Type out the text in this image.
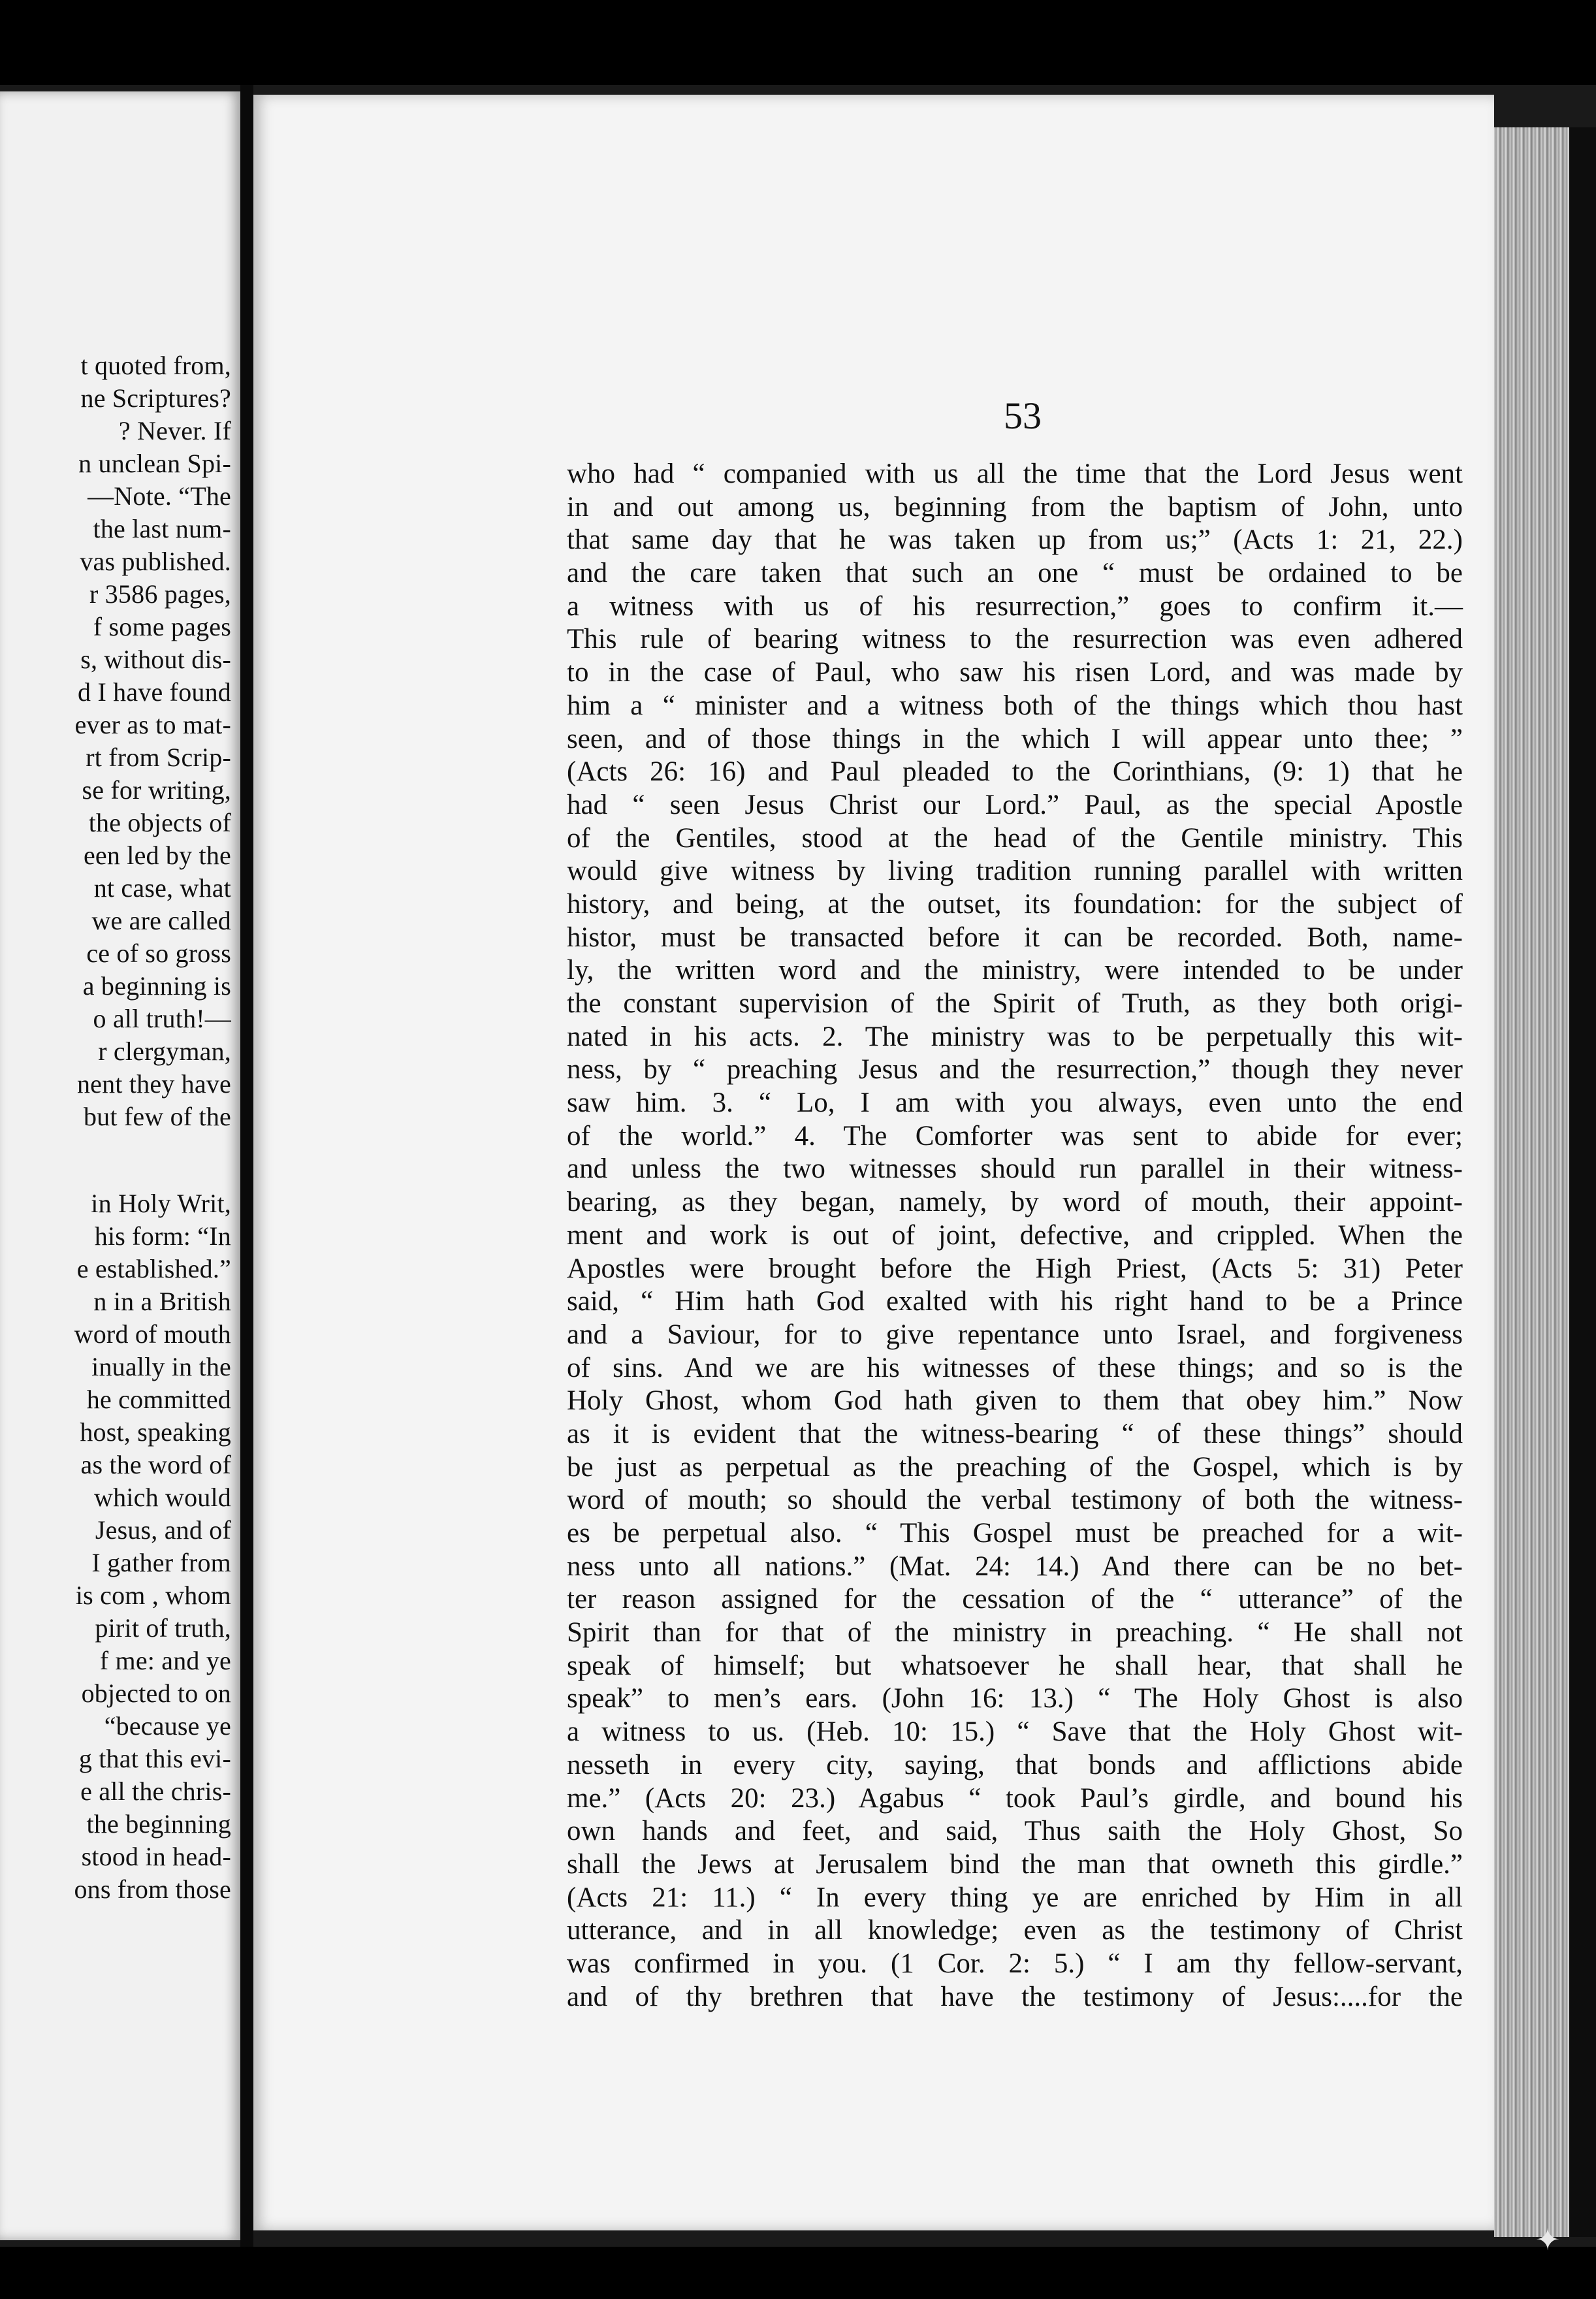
t quoted from,
ne Scriptures?
? Never. If
n unclean Spi-
—Note. “The
the last num-
vas published.
r 3586 pages,
f some pages
s, without dis-
d I have found
ever as to mat-
rt from Scrip-
se for writing,
the objects of
een led by the
nt case, what
we are called
ce of so gross
a beginning is
o all truth!—
r clergyman,
nent they have
but few of the
in Holy Writ,
his form: “In
e established.”
n in a British
word of mouth
inually in the
he committed
host, speaking
as the word of
which would
Jesus, and of
I gather from
is com , whom
pirit of truth,
f me: and ye
objected to on
“because ye
g that this evi-
e all the chris-
the beginning
stood in head-
ons from those
53
who had “ companied with us all the time that the Lord Jesus went
in and out among us, beginning from the baptism of John, unto
that same day that he was taken up from us;” (Acts 1: 21, 22.)
and the care taken that such an one “ must be ordained to be
a witness with us of his resurrection,” goes to confirm it.—
This rule of bearing witness to the resurrection was even adhered
to in the case of Paul, who saw his risen Lord, and was made by
him a “ minister and a witness both of the things which thou hast
seen, and of those things in the which I will appear unto thee; ”
(Acts 26: 16) and Paul pleaded to the Corinthians, (9: 1) that he
had “ seen Jesus Christ our Lord.” Paul, as the special Apostle
of the Gentiles, stood at the head of the Gentile ministry. This
would give witness by living tradition running parallel with written
history, and being, at the outset, its foundation: for the subject of
histor, must be transacted before it can be recorded. Both, name-
ly, the written word and the ministry, were intended to be under
the constant supervision of the Spirit of Truth, as they both origi-
nated in his acts. 2. The ministry was to be perpetually this wit-
ness, by “ preaching Jesus and the resurrection,” though they never
saw him. 3. “ Lo, I am with you always, even unto the end
of the world.” 4. The Comforter was sent to abide for ever;
and unless the two witnesses should run parallel in their witness-
bearing, as they began, namely, by word of mouth, their appoint-
ment and work is out of joint, defective, and crippled. When the
Apostles were brought before the High Priest, (Acts 5: 31) Peter
said, “ Him hath God exalted with his right hand to be a Prince
and a Saviour, for to give repentance unto Israel, and forgiveness
of sins. And we are his witnesses of these things; and so is the
Holy Ghost, whom God hath given to them that obey him.” Now
as it is evident that the witness-bearing “ of these things” should
be just as perpetual as the preaching of the Gospel, which is by
word of mouth; so should the verbal testimony of both the witness-
es be perpetual also. “ This Gospel must be preached for a wit-
ness unto all nations.” (Mat. 24: 14.) And there can be no bet-
ter reason assigned for the cessation of the “ utterance” of the
Spirit than for that of the ministry in preaching. “ He shall not
speak of himself; but whatsoever he shall hear, that shall he
speak” to men’s ears. (John 16: 13.) “ The Holy Ghost is also
a witness to us. (Heb. 10: 15.) “ Save that the Holy Ghost wit-
nesseth in every city, saying, that bonds and afflictions abide
me.” (Acts 20: 23.) Agabus “ took Paul’s girdle, and bound his
own hands and feet, and said, Thus saith the Holy Ghost, So
shall the Jews at Jerusalem bind the man that owneth this girdle.”
(Acts 21: 11.) “ In every thing ye are enriched by Him in all
utterance, and in all knowledge; even as the testimony of Christ
was confirmed in you. (1 Cor. 2: 5.) “ I am thy fellow-servant,
and of thy brethren that have the testimony of Jesus:....for the
✦
